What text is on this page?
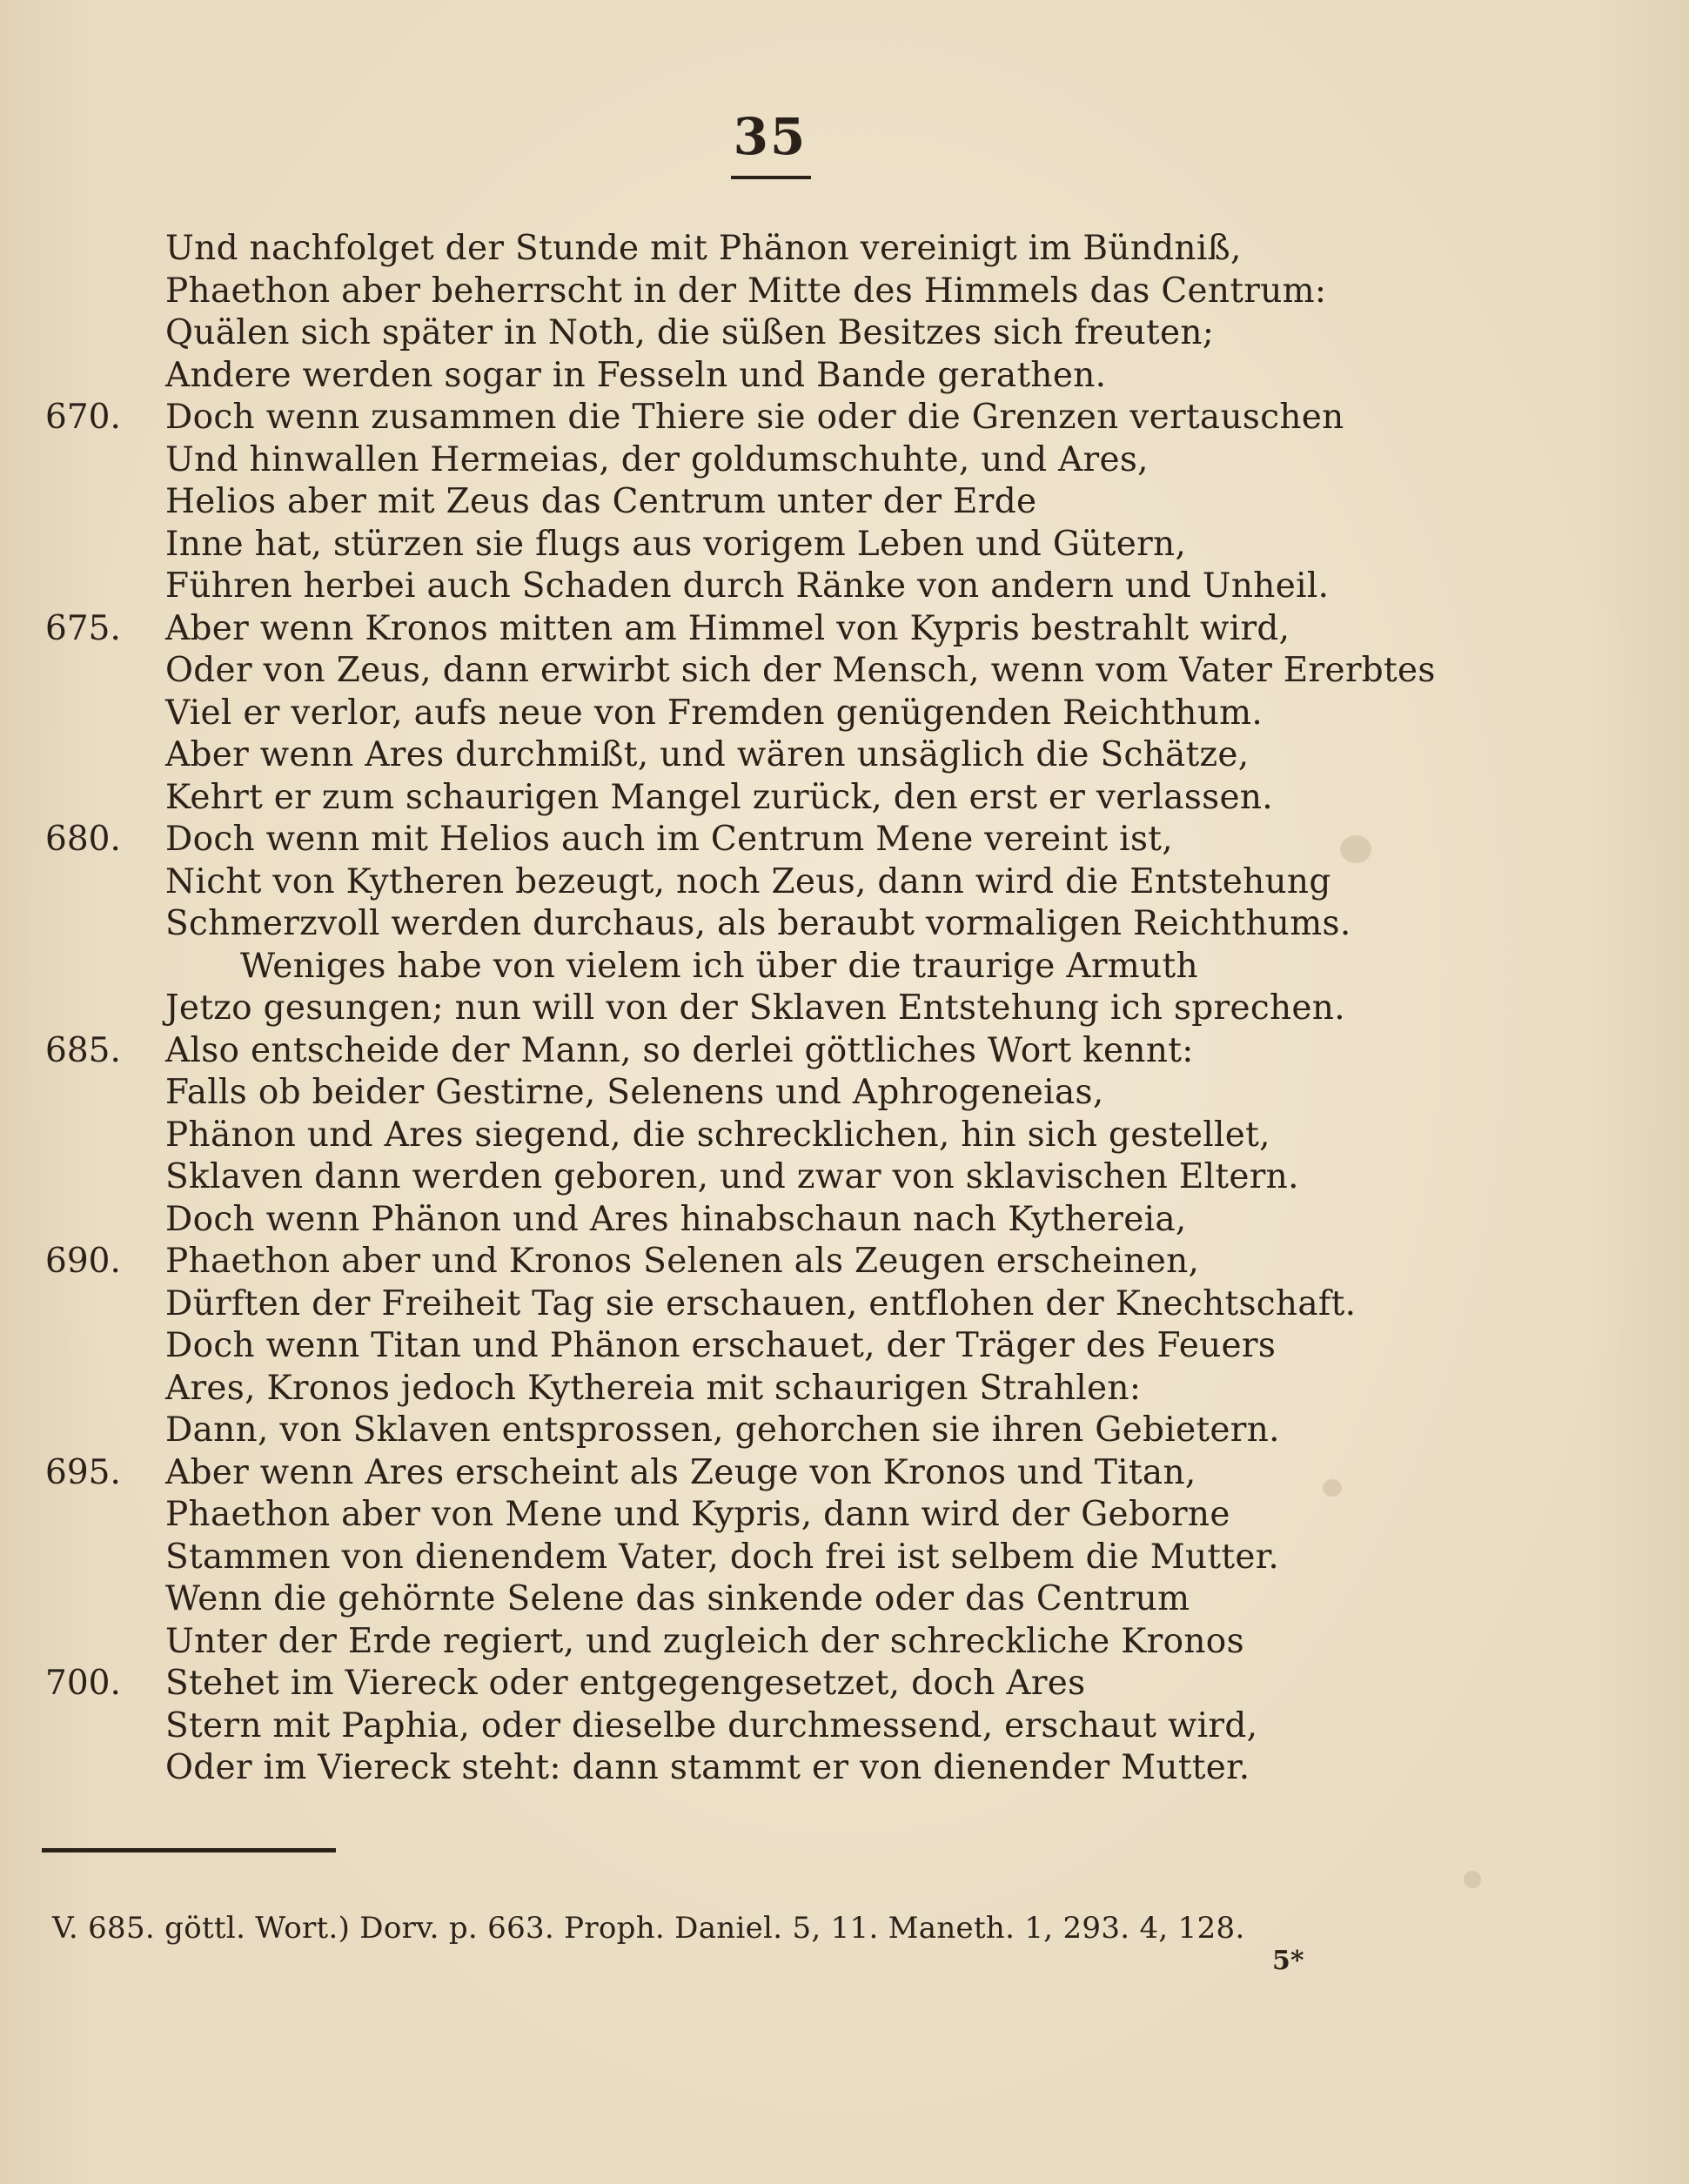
35
Und nachfolget der Stunde mit Phänon vereinigt im Bündniß,
Phaethon aber beherrscht in der Mitte des Himmels das Centrum:
Quälen sich später in Noth, die süßen Besitzes sich freuten;
Andere werden sogar in Fesseln und Bande gerathen.
670.	Doch wenn zusammen die Thiere sie oder die Grenzen vertauschen
Und hinwallen Hermeias, der goldumschuhte, und Ares,
Helios aber mit Zeus das Centrum unter der Erde
Inne hat, stürzen sie flugs aus vorigem Leben und Gütern,
Führen herbei auch Schaden durch Ränke von andern und Unheil.
675.	Aber wenn Kronos mitten am Himmel von Kypris bestrahlt wird,
Oder von Zeus, dann erwirbt sich der Mensch, wenn vom Vater Ererbtes
Viel er verlor, aufs neue von Fremden genügenden Reichthum.
Aber wenn Ares durchmißt, und wären unsäglich die Schätze,
Kehrt er zum schaurigen Mangel zurück, den erst er verlassen.
680.	Doch wenn mit Helios auch im Centrum Mene vereint ist,
Nicht von Kytheren bezeugt, noch Zeus, dann wird die Entstehung
Schmerzvoll werden durchaus, als beraubt vormaligen Reichthums.
Weniges habe von vielem ich über die traurige Armuth
Jetzo gesungen; nun will von der Sklaven Entstehung ich sprechen.
685.	Also entscheide der Mann, so derlei göttliches Wort kennt:
Falls ob beider Gestirne, Selenens und Aphrogeneias,
Phänon und Ares siegend, die schrecklichen, hin sich gestellet,
Sklaven dann werden geboren, und zwar von sklavischen Eltern.
Doch wenn Phänon und Ares hinabschaun nach Kythereia,
690.	Phaethon aber und Kronos Selenen als Zeugen erscheinen,
Dürften der Freiheit Tag sie erschauen, entflohen der Knechtschaft.
Doch wenn Titan und Phänon erschauet, der Träger des Feuers
Ares, Kronos jedoch Kythereia mit schaurigen Strahlen:
Dann, von Sklaven entsprossen, gehorchen sie ihren Gebietern.
695.	Aber wenn Ares erscheint als Zeuge von Kronos und Titan,
Phaethon aber von Mene und Kypris, dann wird der Geborne
Stammen von dienendem Vater, doch frei ist selbem die Mutter.
Wenn die gehörnte Selene das sinkende oder das Centrum
Unter der Erde regiert, und zugleich der schreckliche Kronos
700.	Stehet im Viereck oder entgegengesetzet, doch Ares
Stern mit Paphia, oder dieselbe durchmessend, erschaut wird,
Oder im Viereck steht: dann stammt er von dienender Mutter.
V. 685. göttl. Wort.) Dorv. p. 663. Proph. Daniel. 5, 11. Maneth. 1, 293. 4, 128.
5*
